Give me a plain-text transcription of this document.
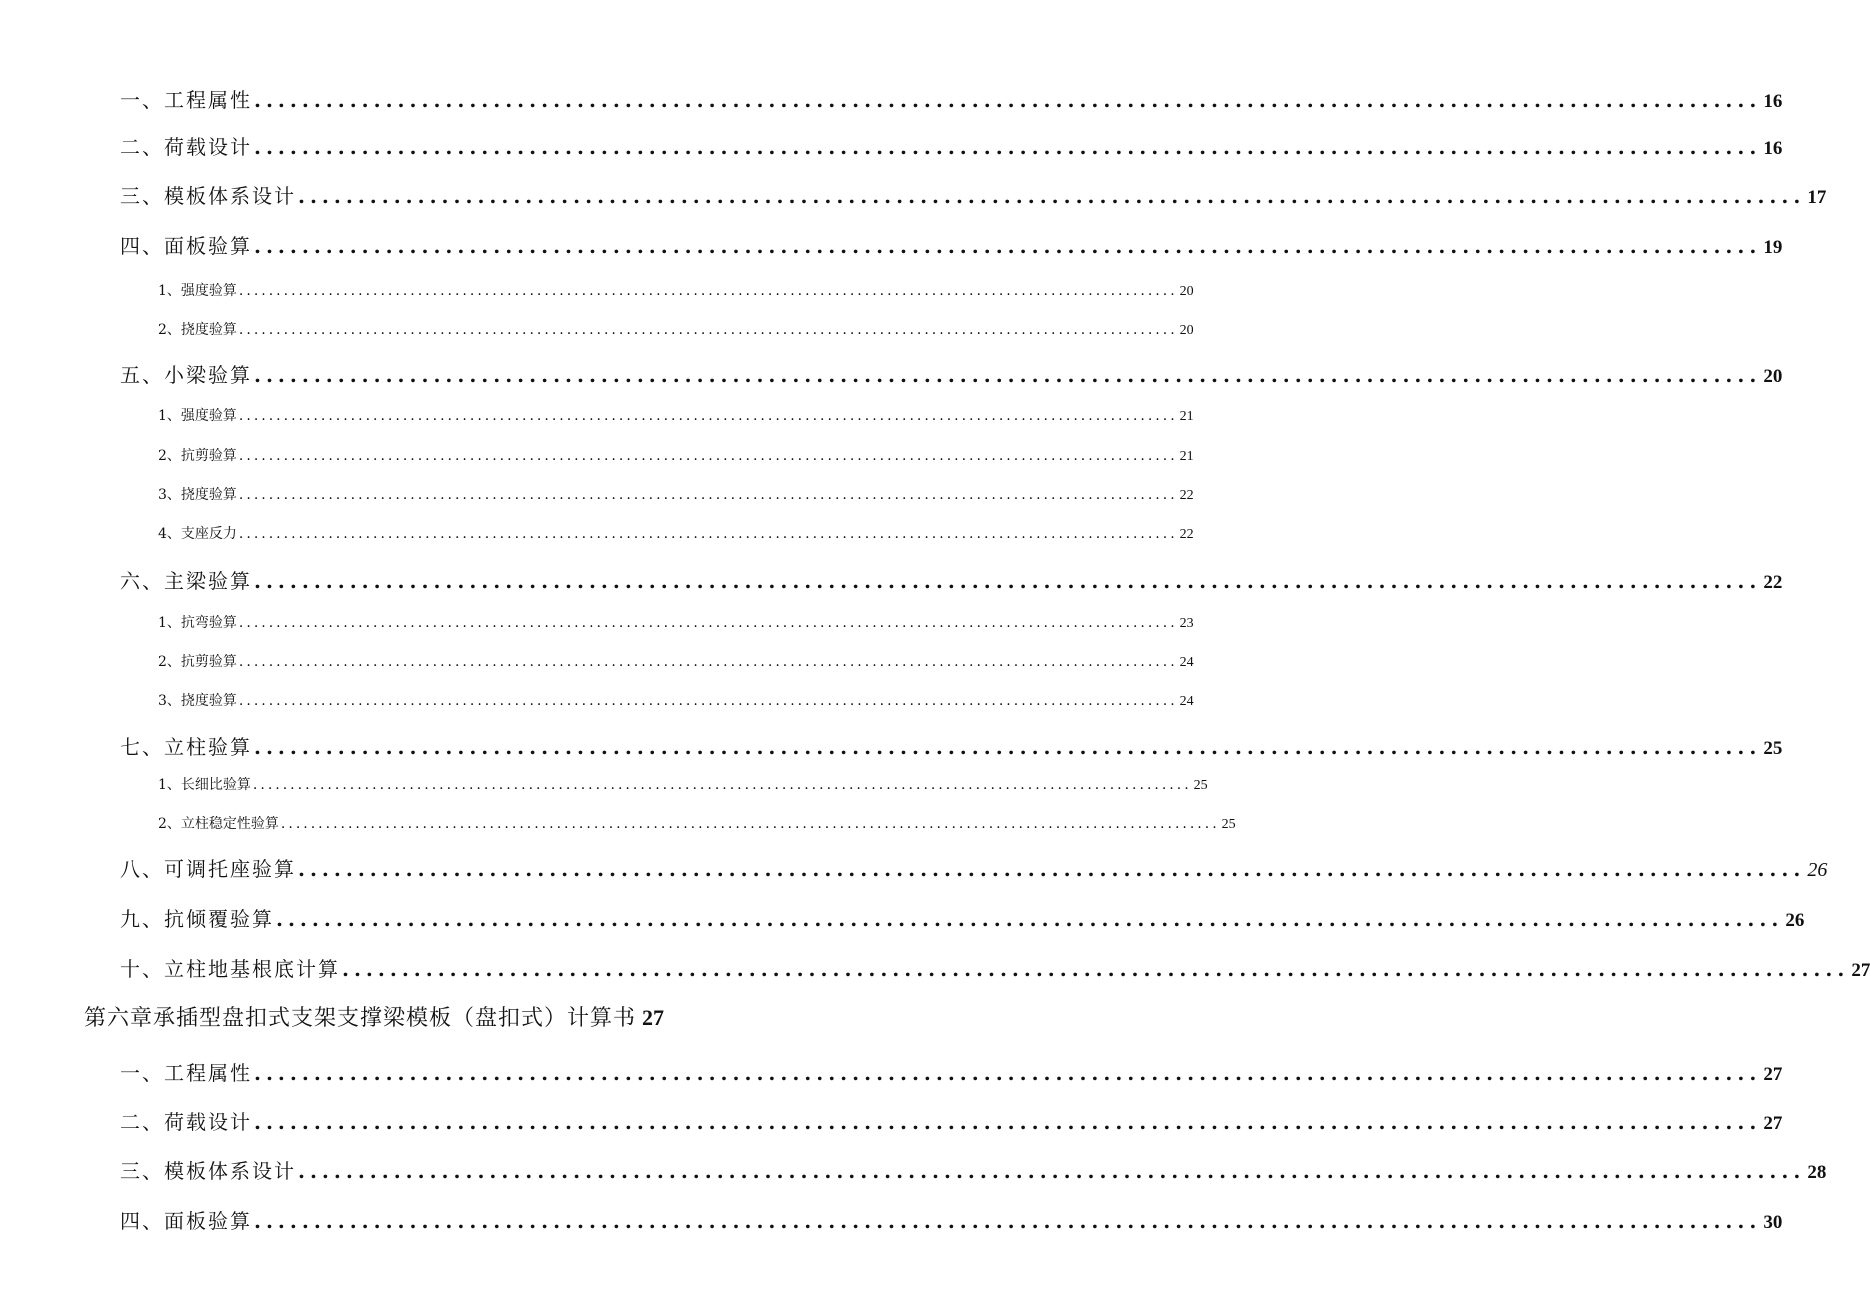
一、工程属性 .............................................................................................................................. 16
二、荷载设计 .............................................................................................................................. 16
三、模板体系设计 .............................................................................................................................. 17
四、面板验算 .............................................................................................................................. 19
1、强度验算 .............................................................................................................................. 20
2、挠度验算 .............................................................................................................................. 20
五、小梁验算 .............................................................................................................................. 20
1、强度验算 .............................................................................................................................. 21
2、抗剪验算 .............................................................................................................................. 21
3、挠度验算 .............................................................................................................................. 22
4、支座反力 .............................................................................................................................. 22
六、主梁验算 .............................................................................................................................. 22
1、抗弯验算 .............................................................................................................................. 23
2、抗剪验算 .............................................................................................................................. 24
3、挠度验算 .............................................................................................................................. 24
七、立柱验算 .............................................................................................................................. 25
1、长细比验算 .............................................................................................................................. 25
2、立柱稳定性验算 .............................................................................................................................. 25
八、可调托座验算 .............................................................................................................................. 26
九、抗倾覆验算 .............................................................................................................................. 26
十、立柱地基根底计算 .............................................................................................................................. 27
第六章承插型盘扣式支架支撑梁模板（盘扣式）计算书 27
一、工程属性 .............................................................................................................................. 27
二、荷载设计 .............................................................................................................................. 27
三、模板体系设计 .............................................................................................................................. 28
四、面板验算 .............................................................................................................................. 30
